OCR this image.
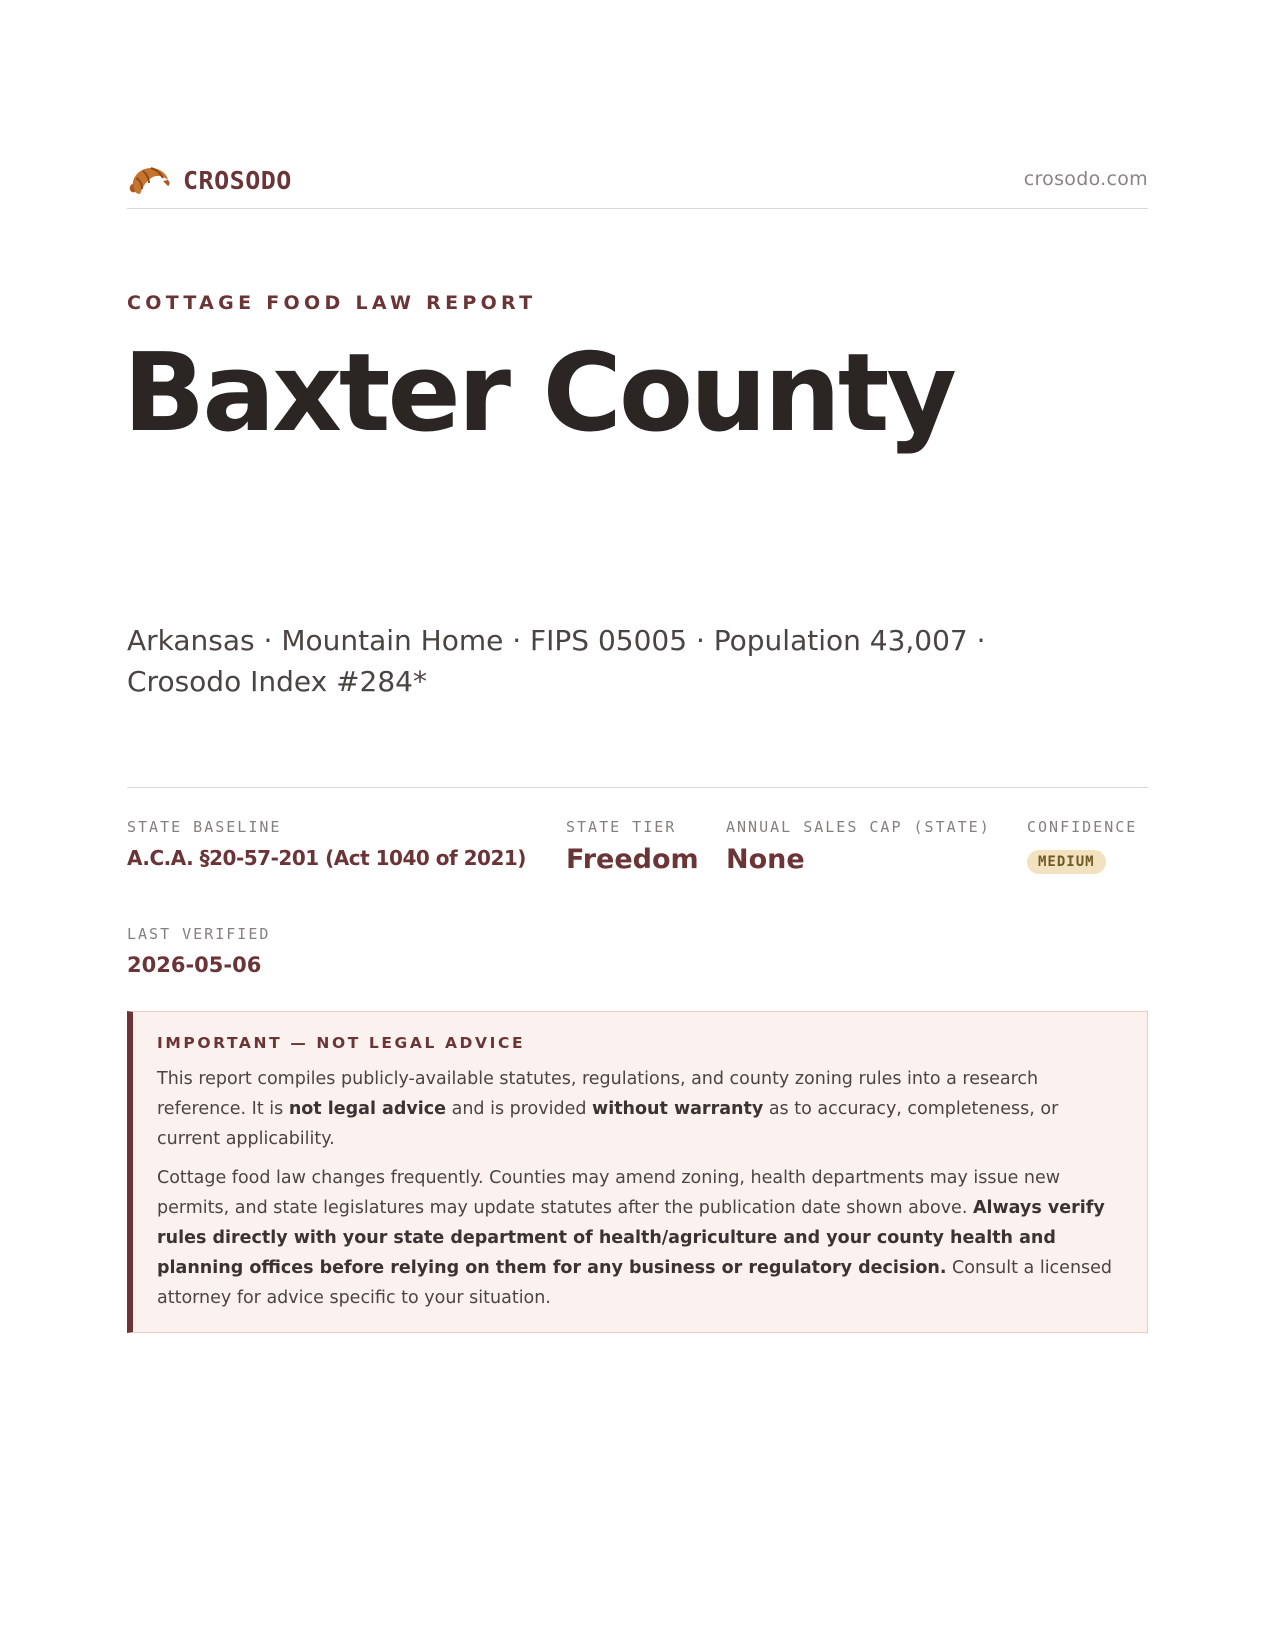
CROSODO	crosodo.com
COTTAGE FOOD LAW REPORT
Baxter County
Arkansas · Mountain Home · FIPS 05005 · Population 43,007 · Crosodo Index #284*
STATE BASELINE
A.C.A. §20-57-201 (Act 1040 of 2021)
STATE TIER
Freedom
ANNUAL SALES CAP (STATE)
None
CONFIDENCE
MEDIUM
LAST VERIFIED
2026-05-06
IMPORTANT — NOT LEGAL ADVICE

This report compiles publicly-available statutes, regulations, and county zoning rules into a research reference. It is not legal advice and is provided without warranty as to accuracy, completeness, or current applicability.

Cottage food law changes frequently. Counties may amend zoning, health departments may issue new permits, and state legislatures may update statutes after the publication date shown above. Always verify rules directly with your state department of health/agriculture and your county health and planning offices before relying on them for any business or regulatory decision. Consult a licensed attorney for advice specific to your situation.
